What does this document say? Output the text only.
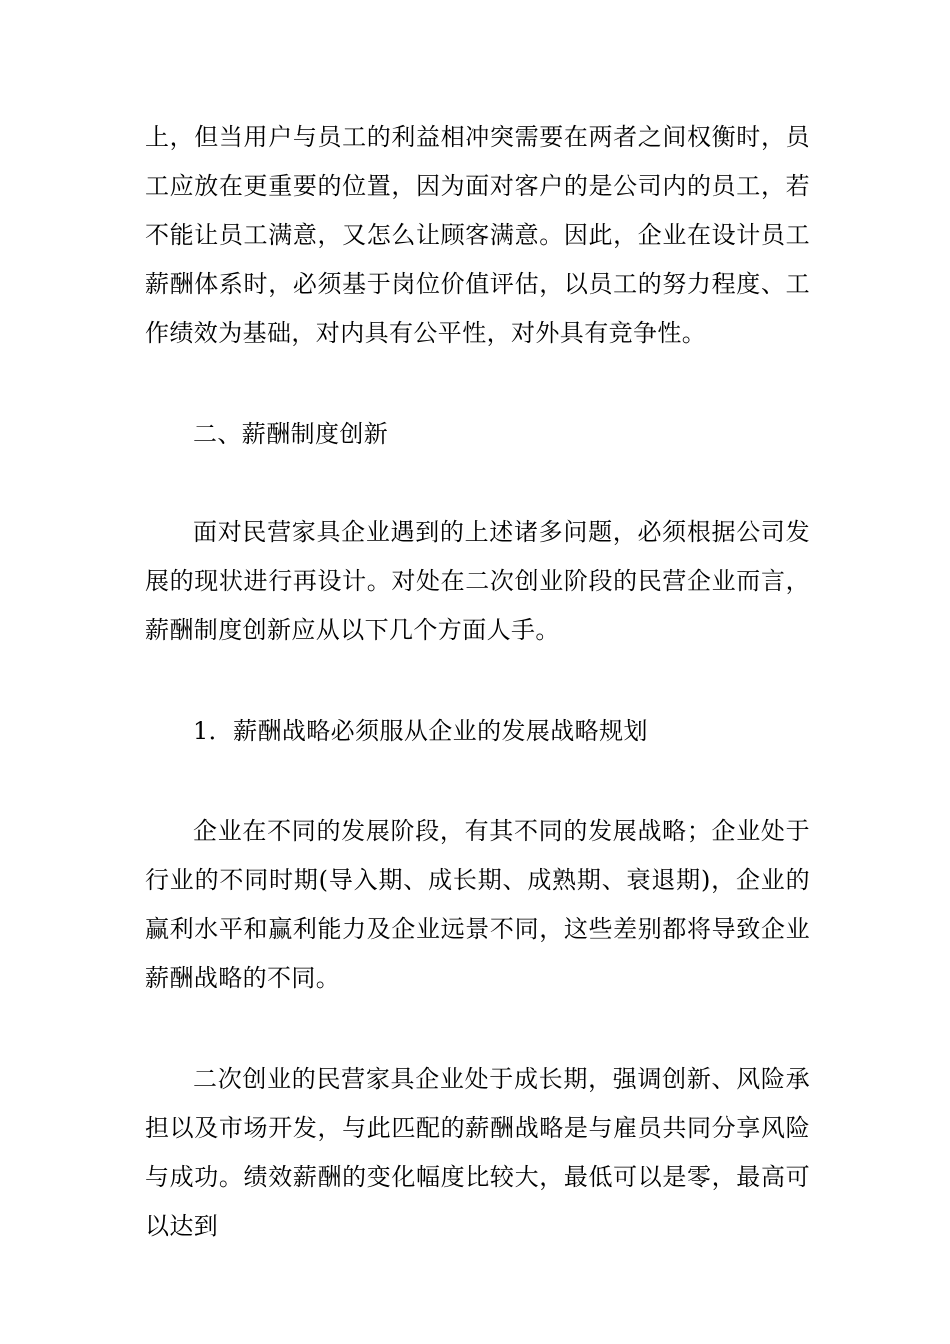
上，但当用户与员工的利益相冲突需要在两者之间权衡时，员工应放在更重要的位置，因为面对客户的是公司内的员工，若不能让员工满意，又怎么让顾客满意。因此，企业在设计员工薪酬体系时，必须基于岗位价值评估，以员工的努力程度、工作绩效为基础，对内具有公平性，对外具有竞争性。

二、薪酬制度创新

面对民营家具企业遇到的上述诸多问题，必须根据公司发展的现状进行再设计。对处在二次创业阶段的民营企业而言，薪酬制度创新应从以下几个方面人手。

1．薪酬战略必须服从企业的发展战略规划

企业在不同的发展阶段，有其不同的发展战略；企业处于行业的不同时期(导入期、成长期、成熟期、衰退期)，企业的赢利水平和赢利能力及企业远景不同，这些差别都将导致企业薪酬战略的不同。

二次创业的民营家具企业处于成长期，强调创新、风险承担以及市场开发，与此匹配的薪酬战略是与雇员共同分享风险与成功。绩效薪酬的变化幅度比较大，最低可以是零，最高可以达到
